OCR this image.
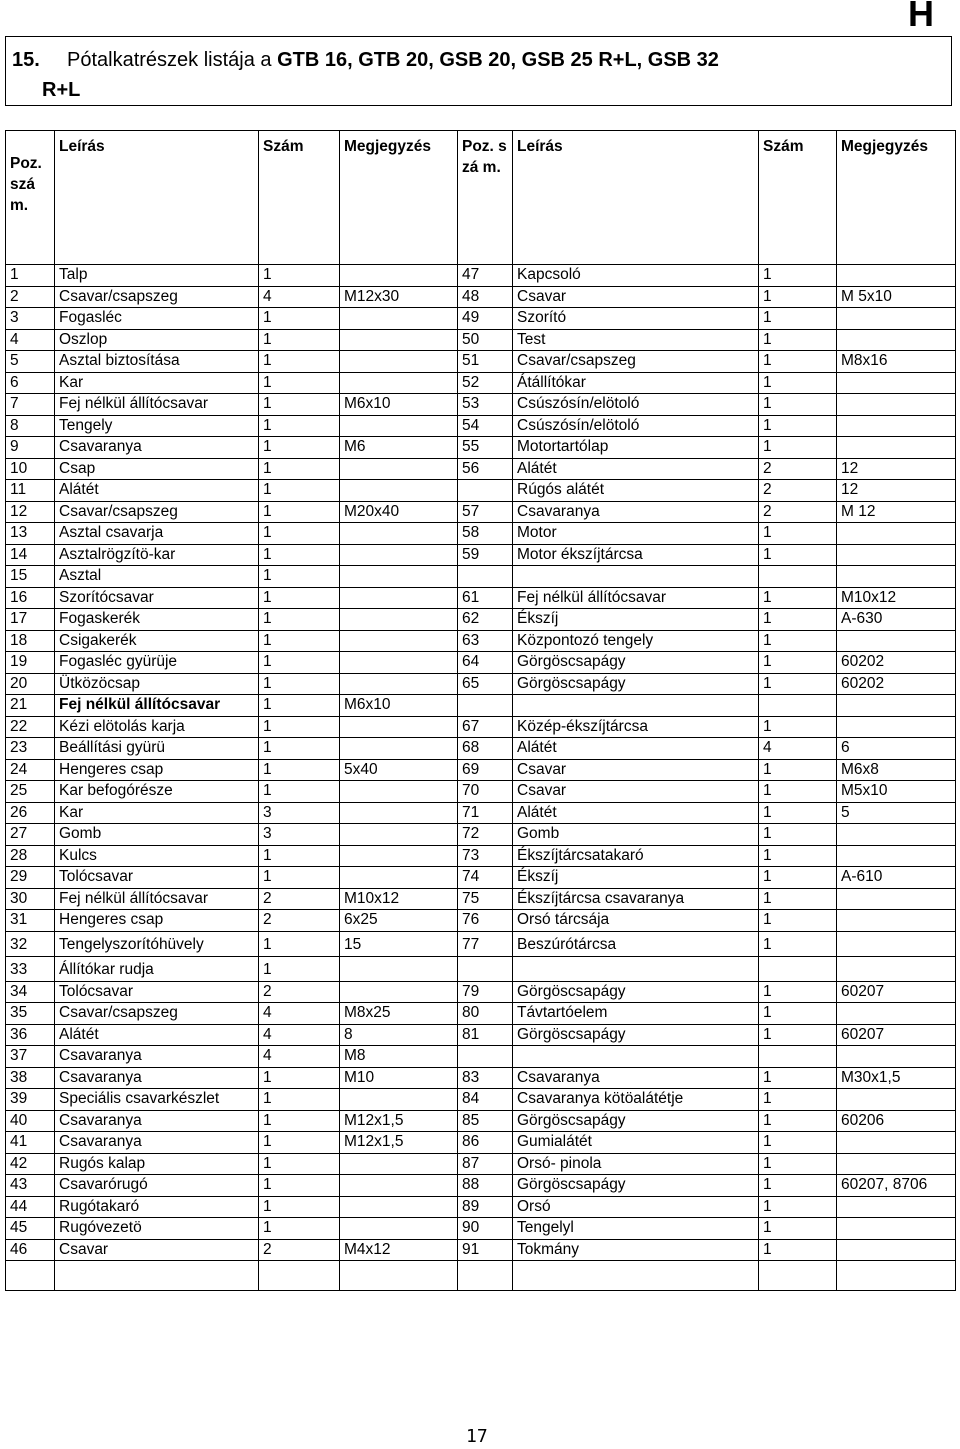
H
15. Pótalkatrészek listája a GTB 16, GTB 20, GSB 20, GSB 25 R+L, GSB 32
R+L
Poz. szá m.	Leírás	Szám	Megjegyzés	Poz. szá m.	Leírás	Szám	Megjegyzés
1	Talp	1		47	Kapcsoló	1	
2	Csavar/csapszeg	4	M12x30	48	Csavar	1	M 5x10
3	Fogasléc	1		49	Szorító	1	
4	Oszlop	1		50	Test	1	
5	Asztal biztosítása	1		51	Csavar/csapszeg	1	M8x16
6	Kar	1		52	Átállítókar	1	
7	Fej nélkül állítócsavar	1	M6x10	53	Csúszósín/elötoló	1	
8	Tengely	1		54	Csúszósín/elötoló	1	
9	Csavaranya	1	M6	55	Motortartólap	1	
10	Csap	1		56	Alátét	2	12
11	Alátét	1			Rúgós alátét	2	12
12	Csavar/csapszeg	1	M20x40	57	Csavaranya	2	M 12
13	Asztal csavarja	1		58	Motor	1	
14	Asztalrögzítö-kar	1		59	Motor ékszíjtárcsa	1	
15	Asztal	1					
16	Szorítócsavar	1		61	Fej nélkül állítócsavar	1	M10x12
17	Fogaskerék	1		62	Ékszíj	1	A-630
18	Csigakerék	1		63	Központozó tengely	1	
19	Fogasléc gyürüje	1		64	Görgöscsapágy	1	60202
20	Ütközöcsap	1		65	Görgöscsapágy	1	60202
21	Fej nélkül állítócsavar	1	M6x10				
22	Kézi elötolás karja	1		67	Közép-ékszíjtárcsa	1	
23	Beállítási gyürü	1		68	Alátét	4	6
24	Hengeres csap	1	5x40	69	Csavar	1	M6x8
25	Kar befogórésze	1		70	Csavar	1	M5x10
26	Kar	3		71	Alátét	1	5
27	Gomb	3		72	Gomb	1	
28	Kulcs	1		73	Ékszíjtárcsatakaró	1	
29	Tolócsavar	1		74	Ékszíj	1	A-610
30	Fej nélkül állítócsavar	2	M10x12	75	Ékszíjtárcsa csavaranya	1	
31	Hengeres csap	2	6x25	76	Orsó tárcsája	1	
32	Tengelyszorítóhüvely	1	15	77	Beszúrótárcsa	1	
33	Állítókar rudja	1					
34	Tolócsavar	2		79	Görgöscsapágy	1	60207
35	Csavar/csapszeg	4	M8x25	80	Távtartóelem	1	
36	Alátét	4	8	81	Görgöscsapágy	1	60207
37	Csavaranya	4	M8				
38	Csavaranya	1	M10	83	Csavaranya	1	M30x1,5
39	Speciális csavarkészlet	1		84	Csavaranya kötöalátétje	1	
40	Csavaranya	1	M12x1,5	85	Görgöscsapágy	1	60206
41	Csavaranya	1	M12x1,5	86	Gumialátét	1	
42	Rugós kalap	1		87	Orsó- pinola	1	
43	Csavarórugó	1		88	Görgöscsapágy	1	60207, 8706
44	Rugótakaró	1		89	Orsó	1	
45	Rugóvezetö	1		90	Tengelyl	1	
46	Csavar	2	M4x12	91	Tokmány	1	

17
